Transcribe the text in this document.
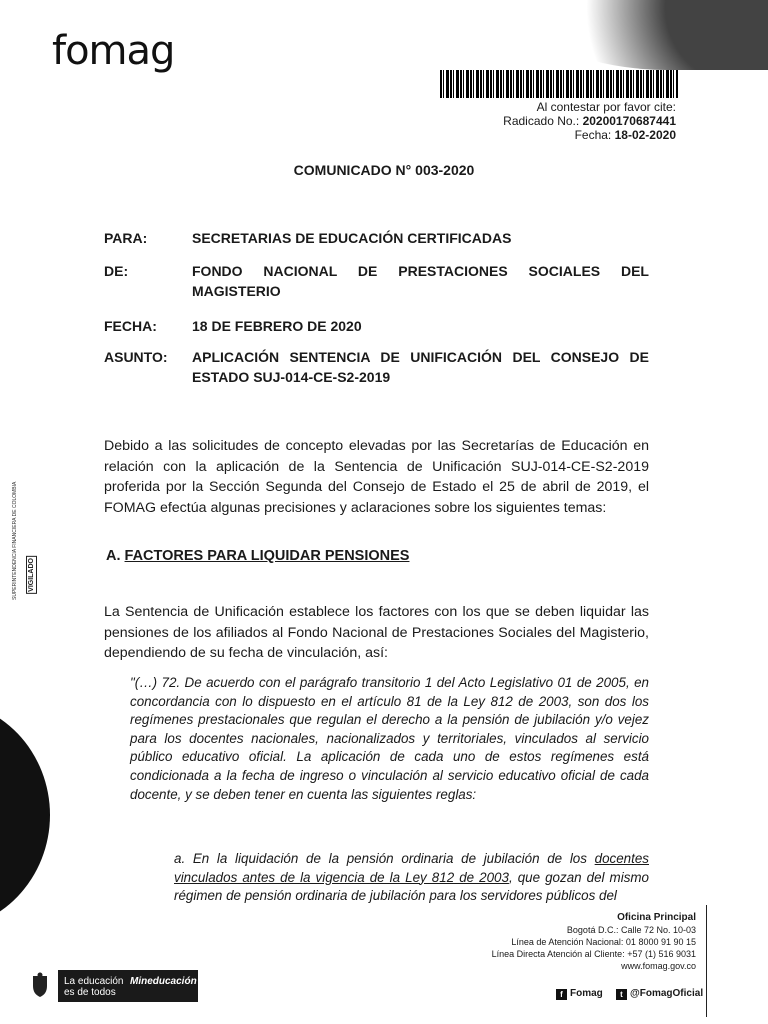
fomag
Al contestar por favor cite:
Radicado No.: 20200170687441
Fecha: 18-02-2020
COMUNICADO N° 003-2020
PARA:	SECRETARIAS DE EDUCACIÓN CERTIFICADAS
DE:	FONDO NACIONAL DE PRESTACIONES SOCIALES DEL MAGISTERIO
FECHA:	18 DE FEBRERO DE 2020
ASUNTO: APLICACIÓN SENTENCIA DE UNIFICACIÓN DEL CONSEJO DE ESTADO SUJ-014-CE-S2-2019
Debido a las solicitudes de concepto elevadas por las Secretarías de Educación en relación con la aplicación de la Sentencia de Unificación SUJ-014-CE-S2-2019 proferida por la Sección Segunda del Consejo de Estado el 25 de abril de 2019, el FOMAG efectúa algunas precisiones y aclaraciones sobre los siguientes temas:
A. FACTORES PARA LIQUIDAR PENSIONES
La Sentencia de Unificación establece los factores con los que se deben liquidar las pensiones de los afiliados al Fondo Nacional de Prestaciones Sociales del Magisterio, dependiendo de su fecha de vinculación, así:
"(…) 72. De acuerdo con el parágrafo transitorio 1 del Acto Legislativo 01 de 2005, en concordancia con lo dispuesto en el artículo 81 de la Ley 812 de 2003, son dos los regímenes prestacionales que regulan el derecho a la pensión de jubilación y/o vejez para los docentes nacionales, nacionalizados y territoriales, vinculados al servicio público educativo oficial. La aplicación de cada uno de estos regímenes está condicionada a la fecha de ingreso o vinculación al servicio educativo oficial de cada docente, y se deben tener en cuenta las siguientes reglas:
a. En la liquidación de la pensión ordinaria de jubilación de los docentes vinculados antes de la vigencia de la Ley 812 de 2003, que gozan del mismo régimen de pensión ordinaria de jubilación para los servidores públicos del
SUPERINTENDENCIA FINANCIERA DE COLOMBIA VIGILADO
Oficina Principal
Bogotá D.C.: Calle 72 No. 10-03
Línea de Atención Nacional: 01 8000 91 90 15
Línea Directa Atención al Cliente: +57 (1) 516 9031
www.fomag.gov.co
f Fomag	t @FomagOficial
La educación es de todos
Mineducación
